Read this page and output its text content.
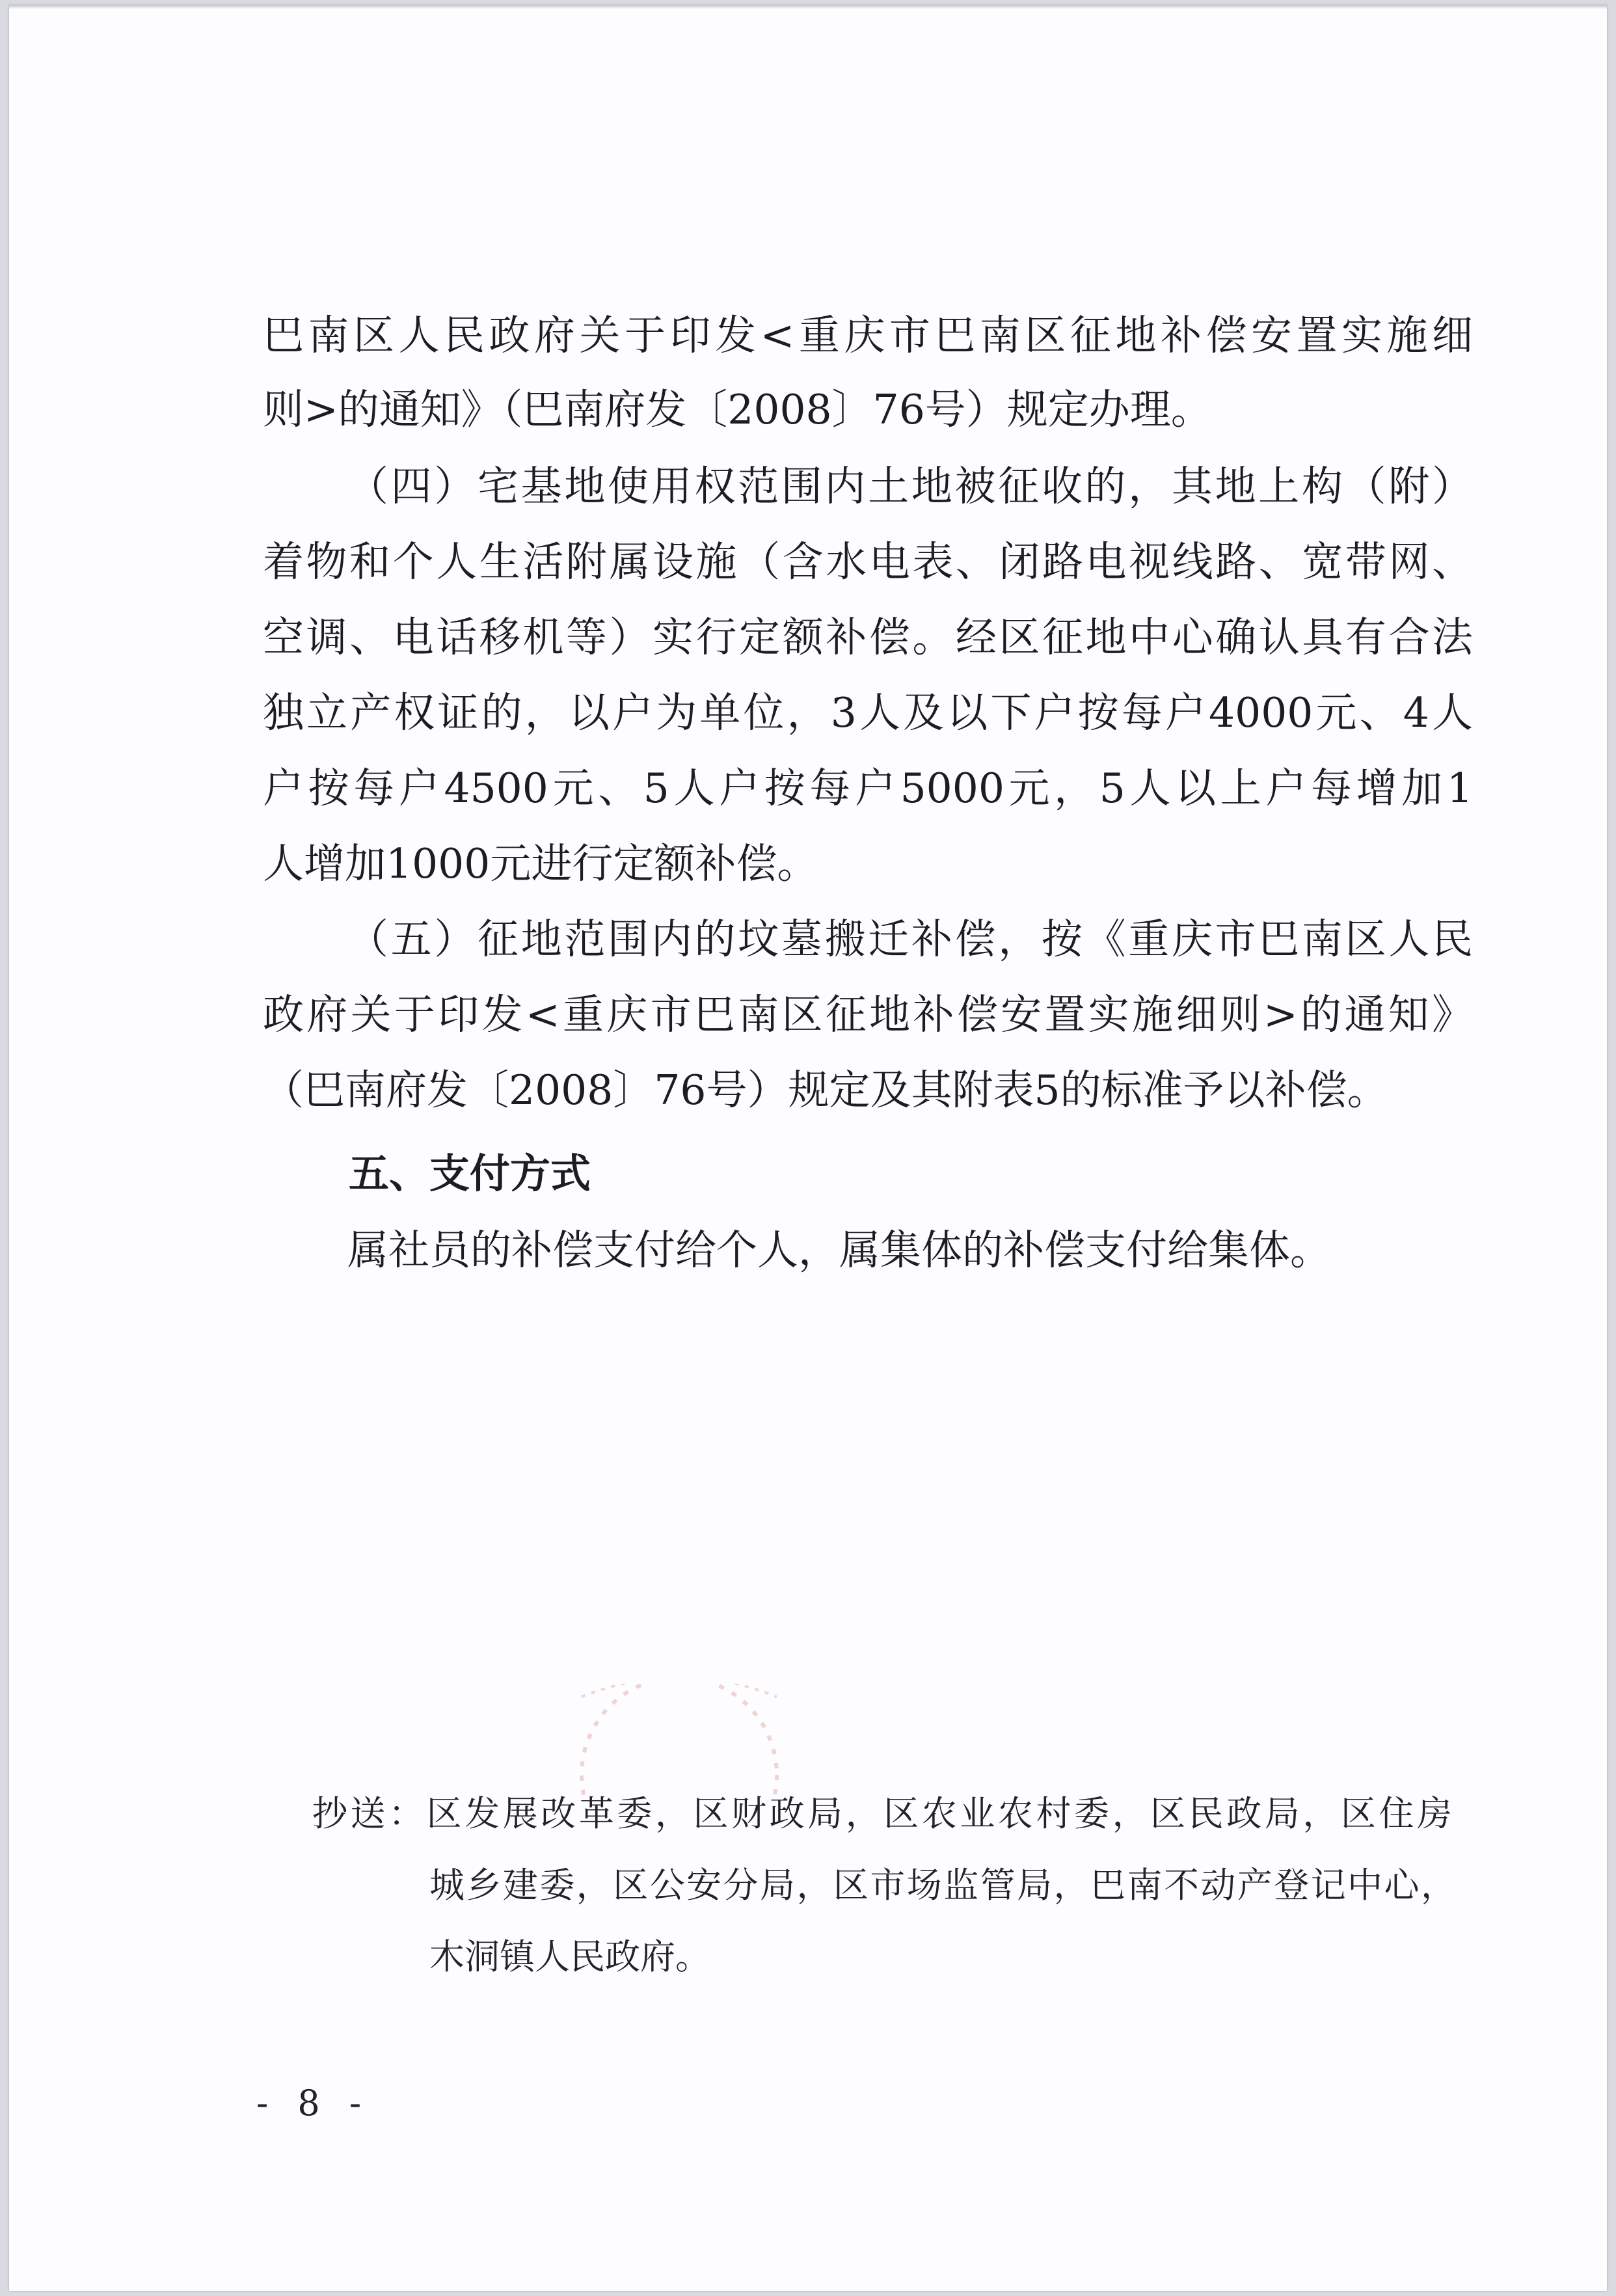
巴南区人民政府关于印发<重庆市巴南区征地补偿安置实施细
则>的通知》（巴南府发〔2008〕76号）规定办理。
（四）宅基地使用权范围内土地被征收的，其地上构（附）
着物和个人生活附属设施（含水电表、闭路电视线路、宽带网、
空调、电话移机等）实行定额补偿。经区征地中心确认具有合法
独立产权证的，以户为单位，3人及以下户按每户4000元、4人
户按每户4500元、5人户按每户5000元，5人以上户每增加1
人增加1000元进行定额补偿。
（五）征地范围内的坟墓搬迁补偿，按《重庆市巴南区人民
政府关于印发<重庆市巴南区征地补偿安置实施细则>的通知》
（巴南府发〔2008〕76号）规定及其附表5的标准予以补偿。
五、支付方式
属社员的补偿支付给个人，属集体的补偿支付给集体。
抄送：区发展改革委，区财政局，区农业农村委，区民政局，区住房
城乡建委，区公安分局，区市场监管局，巴南不动产登记中心，
木洞镇人民政府。
- 8 -
